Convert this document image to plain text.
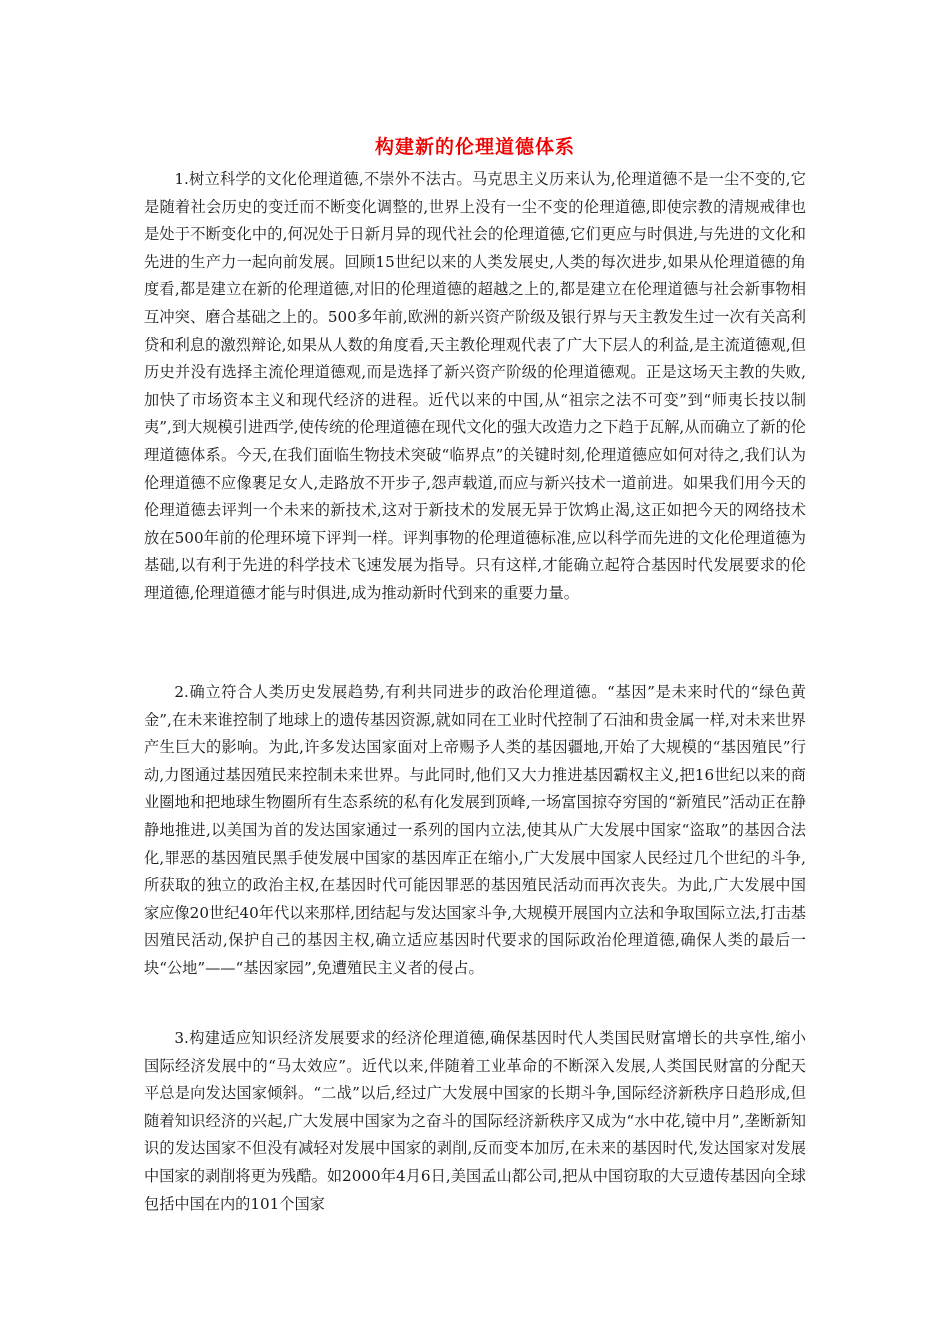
构建新的伦理道德体系

1.树立科学的文化伦理道德,不崇外不法古。马克思主义历来认为,伦理道德不是一尘不变的,它是随着社会历史的变迁而不断变化调整的,世界上没有一尘不变的伦理道德,即使宗教的清规戒律也是处于不断变化中的,何况处于日新月异的现代社会的伦理道德,它们更应与时俱进,与先进的文化和先进的生产力一起向前发展。回顾15世纪以来的人类发展史,人类的每次进步,如果从伦理道德的角度看,都是建立在新的伦理道德,对旧的伦理道德的超越之上的,都是建立在伦理道德与社会新事物相互冲突、磨合基础之上的。500多年前,欧洲的新兴资产阶级及银行界与天主教发生过一次有关高利贷和利息的激烈辩论,如果从人数的角度看,天主教伦理观代表了广大下层人的利益,是主流道德观,但历史并没有选择主流伦理道德观,而是选择了新兴资产阶级的伦理道德观。正是这场天主教的失败,加快了市场资本主义和现代经济的进程。近代以来的中国,从“祖宗之法不可变”到“师夷长技以制夷”,到大规模引进西学,使传统的伦理道德在现代文化的强大改造力之下趋于瓦解,从而确立了新的伦理道德体系。今天,在我们面临生物技术突破“临界点”的关键时刻,伦理道德应如何对待之,我们认为伦理道德不应像裹足女人,走路放不开步子,怨声载道,而应与新兴技术一道前进。如果我们用今天的伦理道德去评判一个未来的新技术,这对于新技术的发展无异于饮鸩止渴,这正如把今天的网络技术放在500年前的伦理环境下评判一样。评判事物的伦理道德标准,应以科学而先进的文化伦理道德为基础,以有利于先进的科学技术飞速发展为指导。只有这样,才能确立起符合基因时代发展要求的伦理道德,伦理道德才能与时俱进,成为推动新时代到来的重要力量。

2.确立符合人类历史发展趋势,有利共同进步的政治伦理道德。“基因”是未来时代的“绿色黄金”,在未来谁控制了地球上的遗传基因资源,就如同在工业时代控制了石油和贵金属一样,对未来世界产生巨大的影响。为此,许多发达国家面对上帝赐予人类的基因疆地,开始了大规模的“基因殖民”行动,力图通过基因殖民来控制未来世界。与此同时,他们又大力推进基因霸权主义,把16世纪以来的商业圈地和把地球生物圈所有生态系统的私有化发展到顶峰,一场富国掠夺穷国的“新殖民”活动正在静静地推进,以美国为首的发达国家通过一系列的国内立法,使其从广大发展中国家“盗取”的基因合法化,罪恶的基因殖民黑手使发展中国家的基因库正在缩小,广大发展中国家人民经过几个世纪的斗争,所获取的独立的政治主权,在基因时代可能因罪恶的基因殖民活动而再次丧失。为此,广大发展中国家应像20世纪40年代以来那样,团结起与发达国家斗争,大规模开展国内立法和争取国际立法,打击基因殖民活动,保护自己的基因主权,确立适应基因时代要求的国际政治伦理道德,确保人类的最后一块“公地”——“基因家园”,免遭殖民主义者的侵占。

3.构建适应知识经济发展要求的经济伦理道德,确保基因时代人类国民财富增长的共享性,缩小国际经济发展中的“马太效应”。近代以来,伴随着工业革命的不断深入发展,人类国民财富的分配天平总是向发达国家倾斜。“二战”以后,经过广大发展中国家的长期斗争,国际经济新秩序日趋形成,但随着知识经济的兴起,广大发展中国家为之奋斗的国际经济新秩序又成为“水中花,镜中月”,垄断新知识的发达国家不但没有减轻对发展中国家的剥削,反而变本加厉,在未来的基因时代,发达国家对发展中国家的剥削将更为残酷。如2000年4月6日,美国孟山都公司,把从中国窃取的大豆遗传基因向全球包括中国在内的101个国家
